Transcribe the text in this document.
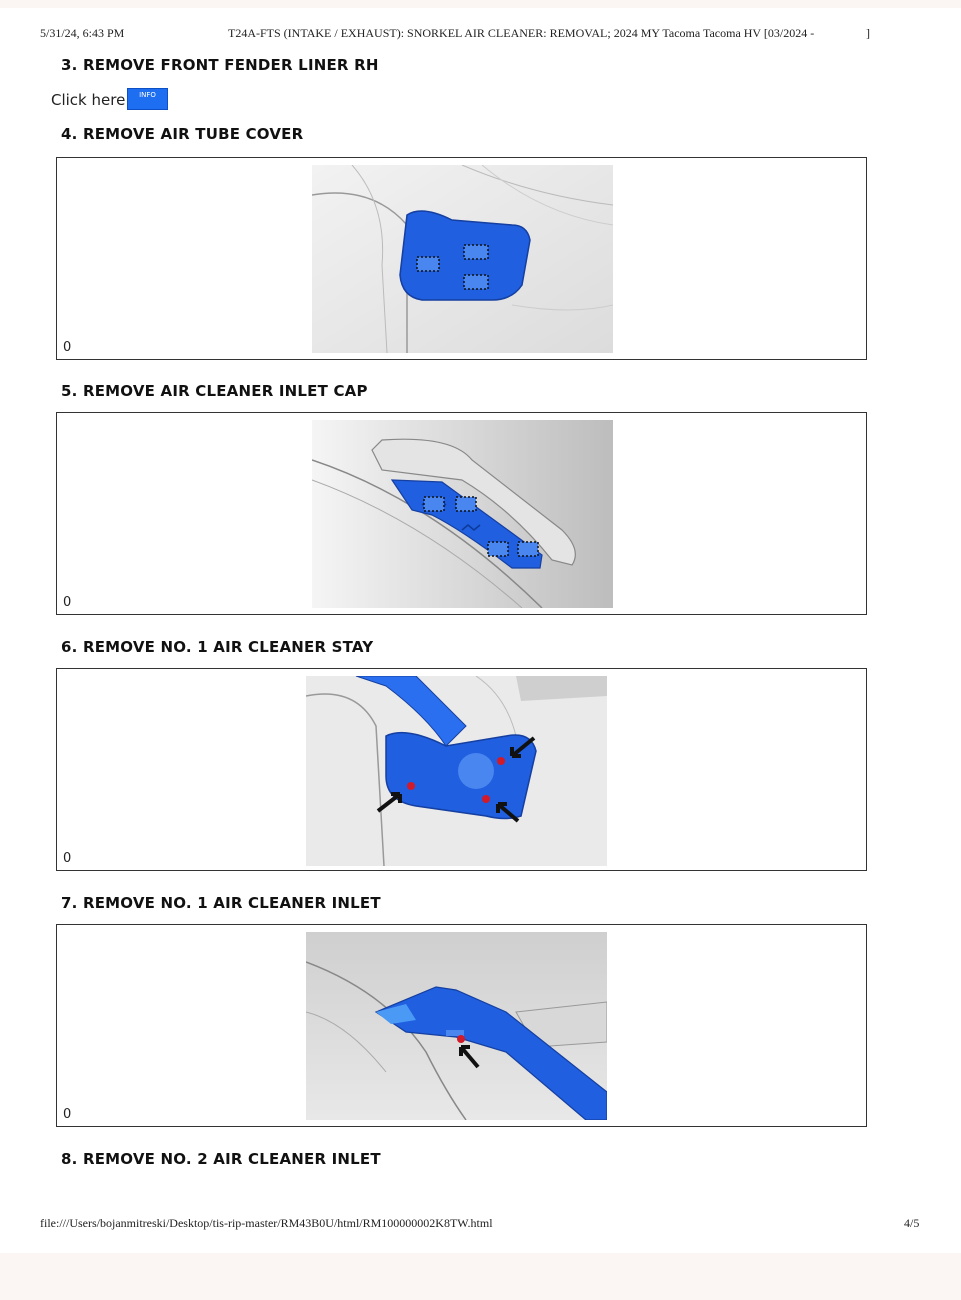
5/31/24, 6:43 PM	T24A-FTS (INTAKE / EXHAUST): SNORKEL AIR CLEANER: REMOVAL; 2024 MY Tacoma Tacoma HV [03/2024 -	]
3. REMOVE FRONT FENDER LINER RH
Click here	INFO
4. REMOVE AIR TUBE COVER
0
5. REMOVE AIR CLEANER INLET CAP
0
6. REMOVE NO. 1 AIR CLEANER STAY
0
7. REMOVE NO. 1 AIR CLEANER INLET
0
8. REMOVE NO. 2 AIR CLEANER INLET
file:///Users/bojanmitreski/Desktop/tis-rip-master/RM43B0U/html/RM100000002K8TW.html	4/5
